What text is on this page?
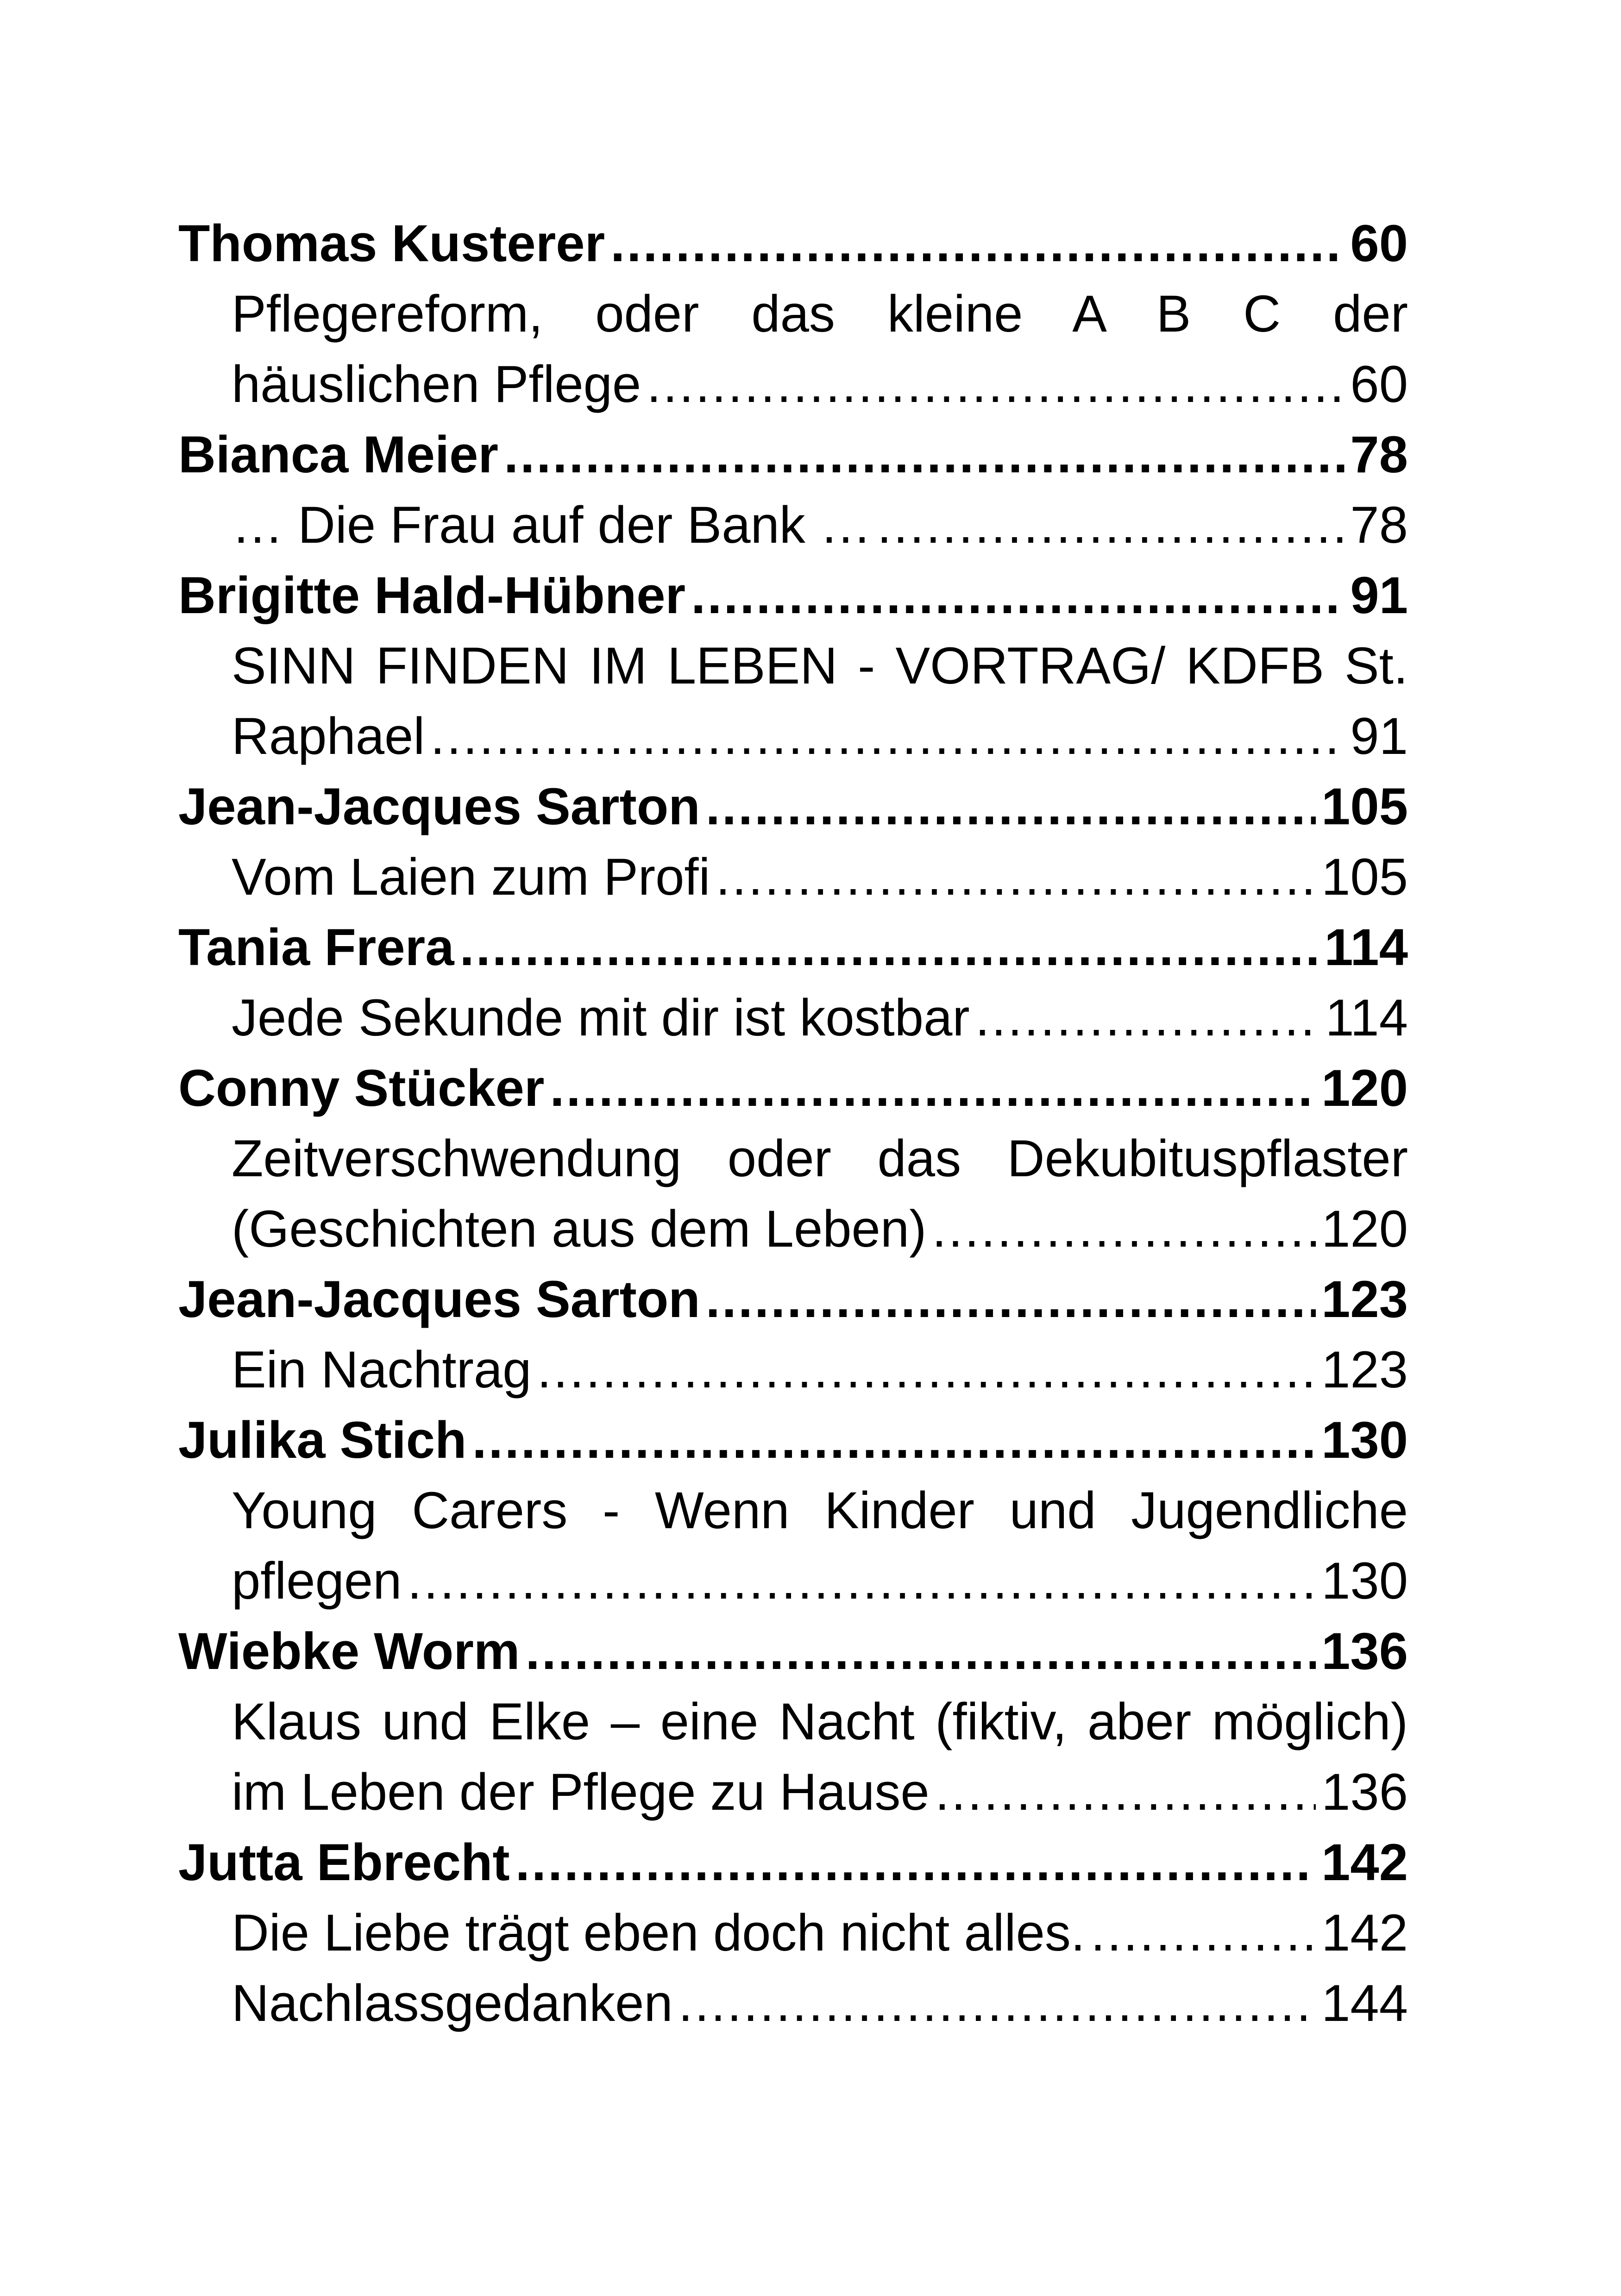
Thomas Kusterer .....	60
Pflegereform, oder das kleine A B C der
häuslichen Pflege .....	60
Bianca Meier .....	78
… Die Frau auf der Bank … .....	78
Brigitte Hald-Hübner .....	91
SINN FINDEN IM LEBEN - VORTRAG/ KDFB St.
Raphael .....	91
Jean-Jacques Sarton .....	105
Vom Laien zum Profi .....	105
Tania Frera .....	114
Jede Sekunde mit dir ist kostbar .....	114
Conny Stücker .....	120
Zeitverschwendung oder das Dekubituspflaster
(Geschichten aus dem Leben) .....	120
Jean-Jacques Sarton .....	123
Ein Nachtrag .....	123
Julika Stich .....	130
Young Carers - Wenn Kinder und Jugendliche
pflegen .....	130
Wiebke Worm .....	136
Klaus und Elke – eine Nacht (fiktiv, aber möglich)
im Leben der Pflege zu Hause .....	136
Jutta Ebrecht .....	142
Die Liebe trägt eben doch nicht alles. .....	142
Nachlassgedanken .....	144
